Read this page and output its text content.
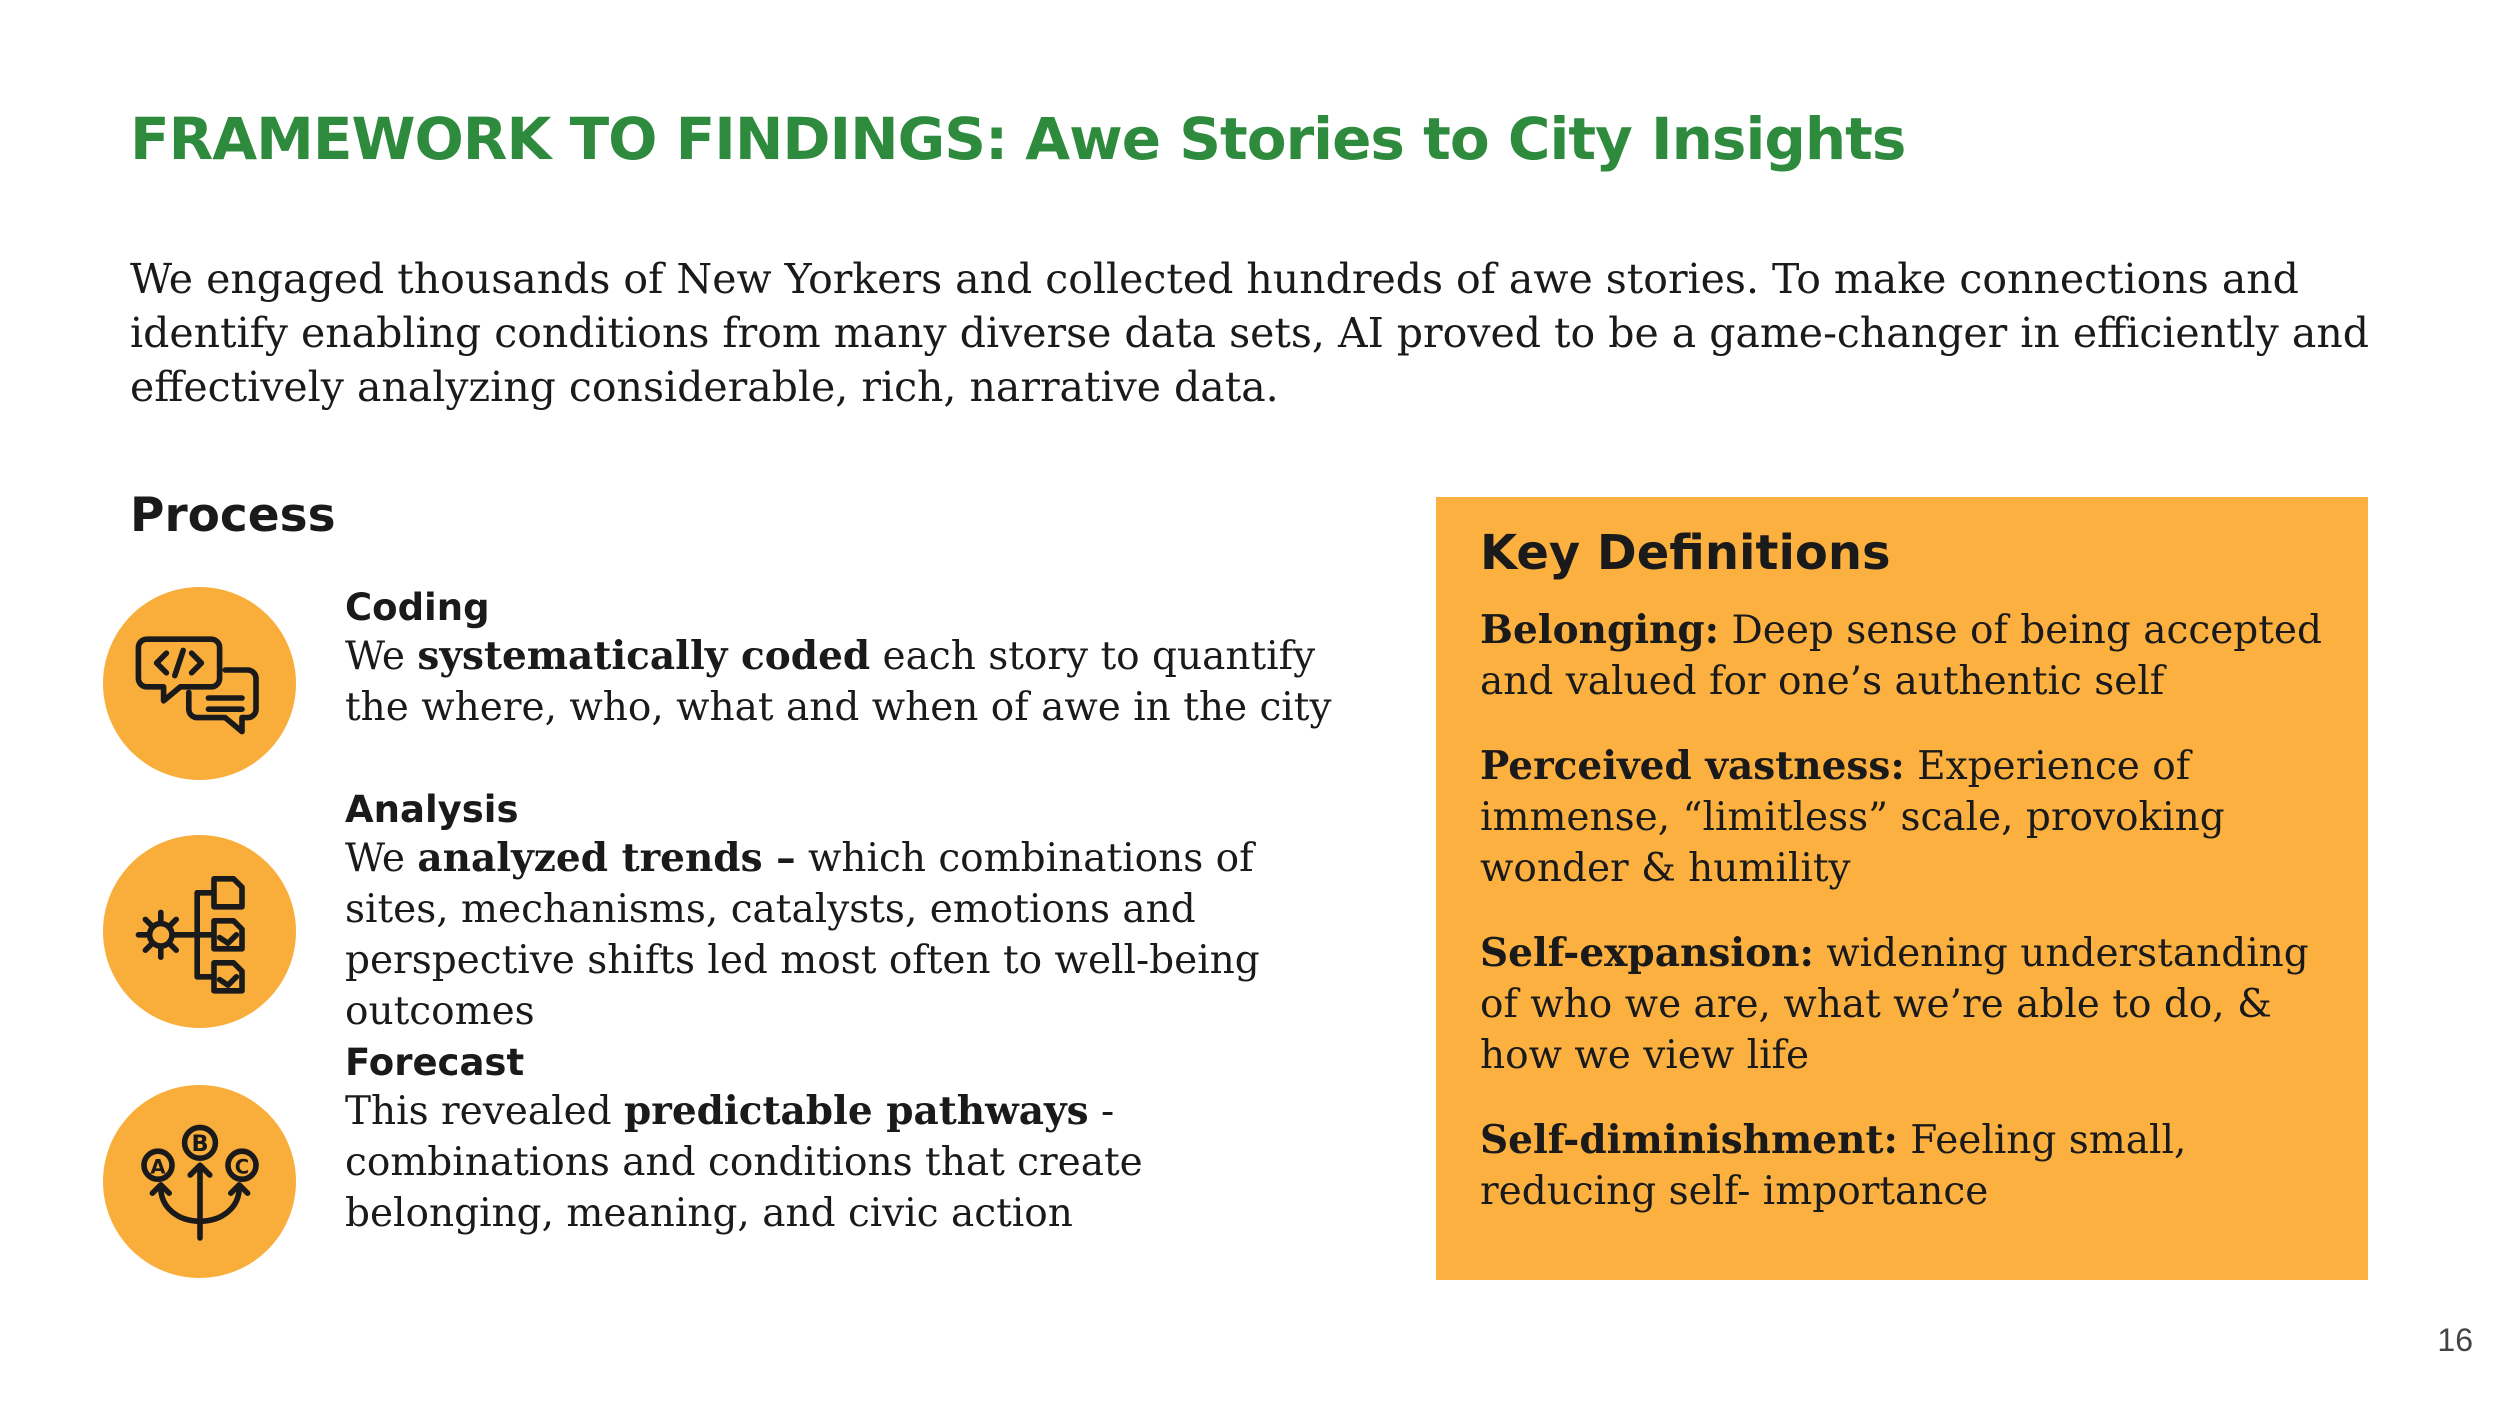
FRAMEWORK TO FINDINGS: Awe Stories to City Insights

We engaged thousands of New Yorkers and collected hundreds of awe stories. To make connections and identify enabling conditions from many diverse data sets, AI proved to be a game-changer in efficiently and effectively analyzing considerable, rich, narrative data.

Process
Coding

We systematically coded each story to quantify the where, who, what and when of awe in the city

Analysis

We analyzed trends – which combinations of sites, mechanisms, catalysts, emotions and perspective shifts led most often to well-being outcomes

B
A	C
Forecast

This revealed predictable pathways - combinations and conditions that create belonging, meaning, and civic action

Key Definitions

Belonging: Deep sense of being accepted and valued for one’s authentic self

Perceived vastness: Experience of immense, “limitless” scale, provoking wonder & humility

Self-expansion: widening understanding of who we are, what we’re able to do, & how we view life

Self-diminishment: Feeling small, reducing self- importance

16
